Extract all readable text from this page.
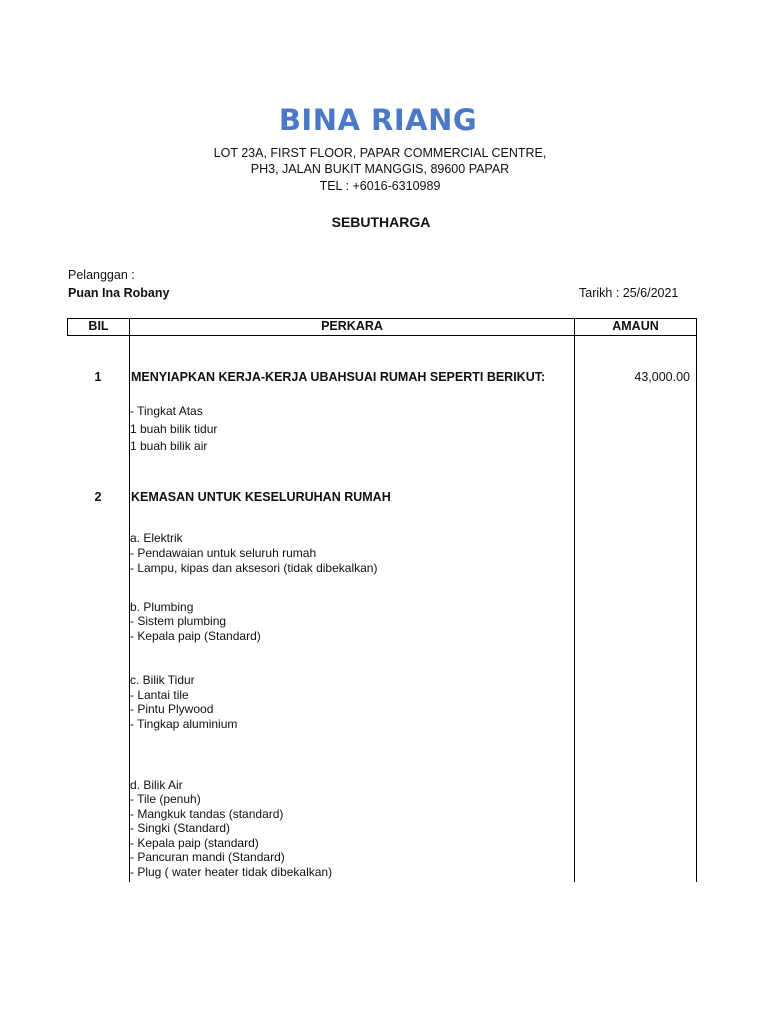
BINA RIANG
LOT 23A, FIRST FLOOR, PAPAR COMMERCIAL CENTRE,
PH3, JALAN BUKIT MANGGIS, 89600 PAPAR
TEL : +6016-6310989
SEBUTHARGA
Pelanggan :
Puan Ina Robany	Tarikh : 25/6/2021
BIL	PERKARA	AMAUN
1	MENYIAPKAN KERJA-KERJA UBAHSUAI RUMAH SEPERTI BERIKUT:	43,000.00
- Tingkat Atas
1 buah bilik tidur
1 buah bilik air
2	KEMASAN UNTUK KESELURUHAN RUMAH
a. Elektrik
- Pendawaian untuk seluruh rumah
- Lampu, kipas dan aksesori (tidak dibekalkan)
b. Plumbing
- Sistem plumbing
- Kepala paip (Standard)
c. Bilik Tidur
- Lantai tile
- Pintu Plywood
- Tingkap aluminium
d. Bilik Air
- Tile (penuh)
- Mangkuk tandas (standard)
- Singki (Standard)
- Kepala paip (standard)
- Pancuran mandi (Standard)
- Plug ( water heater tidak dibekalkan)
